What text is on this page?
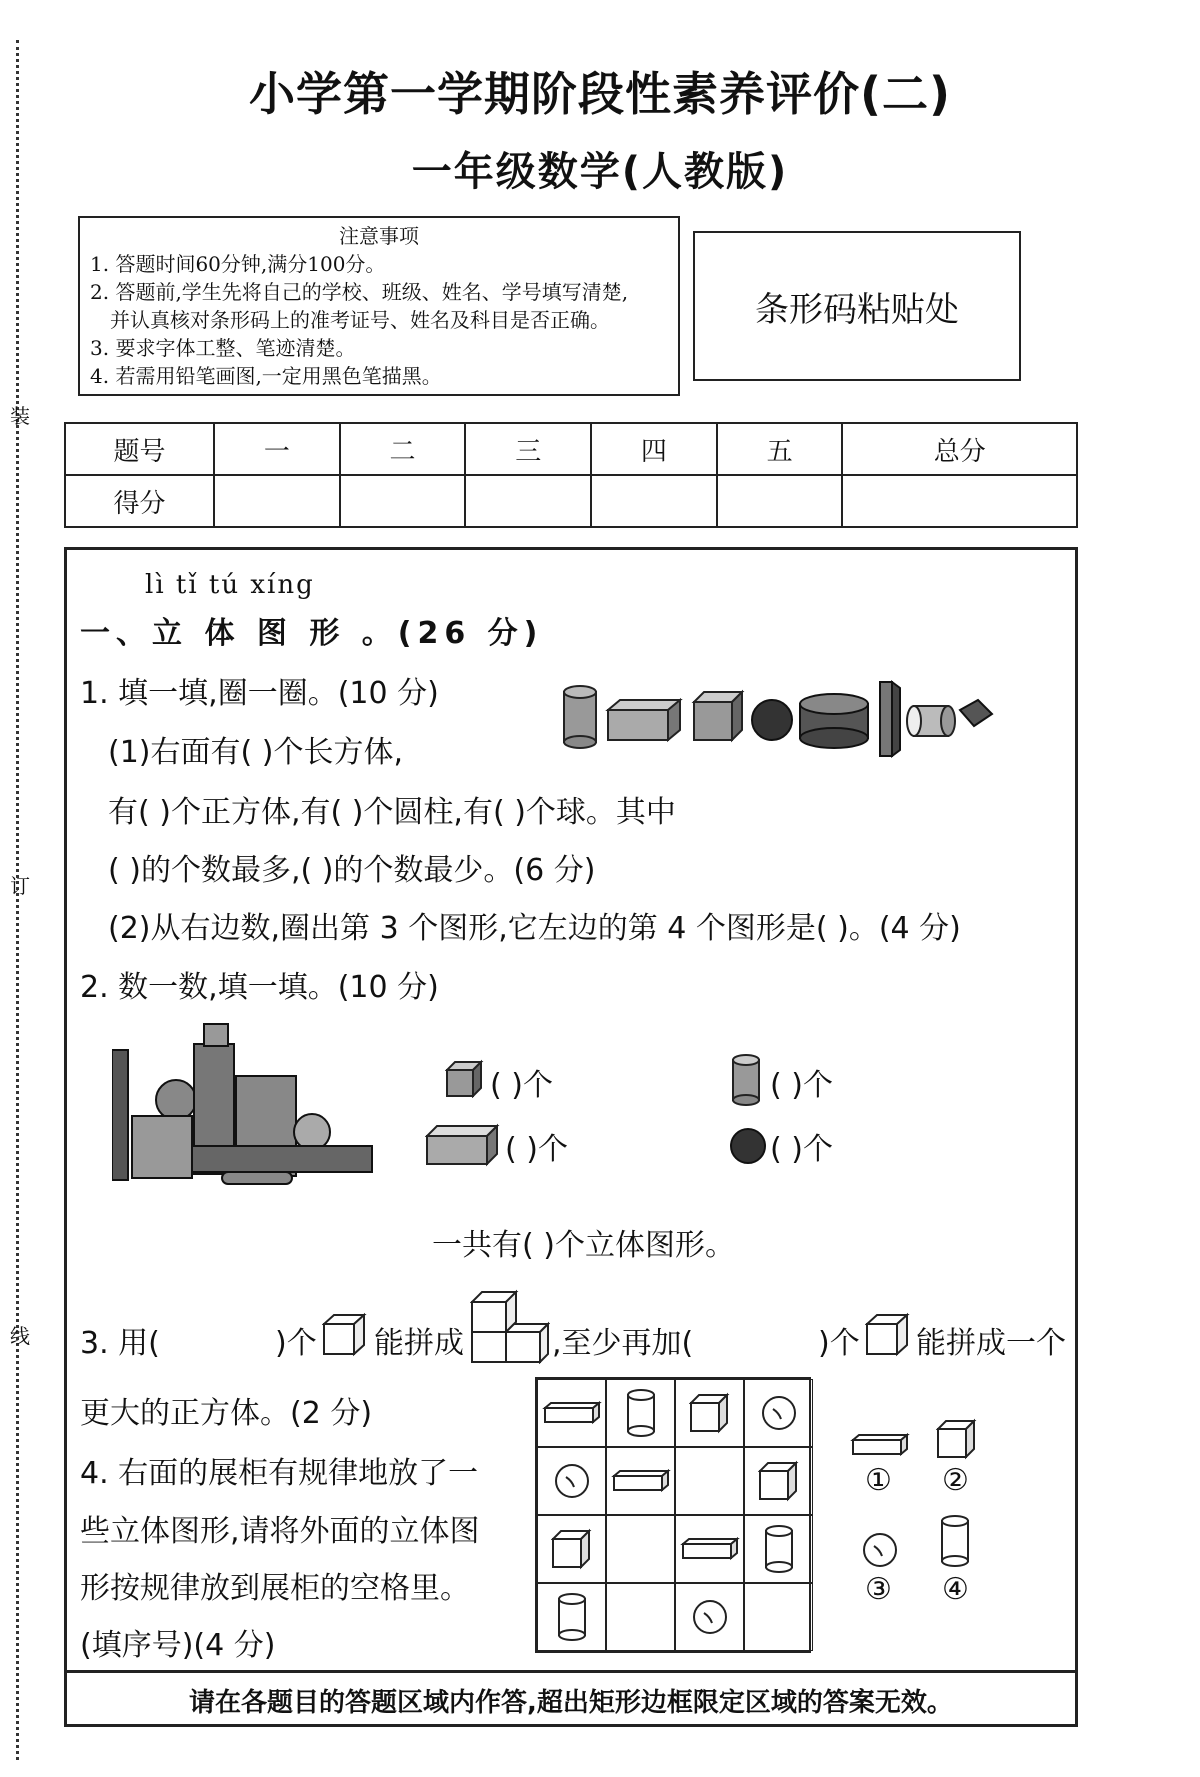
装
订
线
小学第一学期阶段性素养评价(二)
一年级数学(人教版)
注意事项
1. 答题时间60分钟,满分100分。
2. 答题前,学生先将自己的学校、班级、姓名、学号填写清楚,
并认真核对条形码上的准考证号、姓名及科目是否正确。
3. 要求字体工整、笔迹清楚。
4. 若需用铅笔画图,一定用黑色笔描黑。
条形码粘贴处
题号	一	二	三	四	五	总分
得分						
lì tǐ tú xíng
一、立 体 图 形 。(26 分)
1. 填一填,圈一圈。(10 分)
(1)右面有( )个长方体,
有( )个正方体,有( )个圆柱,有( )个球。其中
( )的个数最多,( )的个数最少。(6 分)
(2)从右边数,圈出第 3 个图形,它左边的第 4 个图形是( )。(4 分)
2. 数一数,填一填。(10 分)
( )个	( )个
( )个	( )个
一共有( )个立体图形。
3. 用(	)个 能拼成	,至少再加(	)个 能拼成一个
更大的正方体。(2 分)
4. 右面的展柜有规律地放了一
些立体图形,请将外面的立体图
形按规律放到展柜的空格里。
(填序号)(4 分)
① ②
③ ④
请在各题目的答题区域内作答,超出矩形边框限定区域的答案无效。
